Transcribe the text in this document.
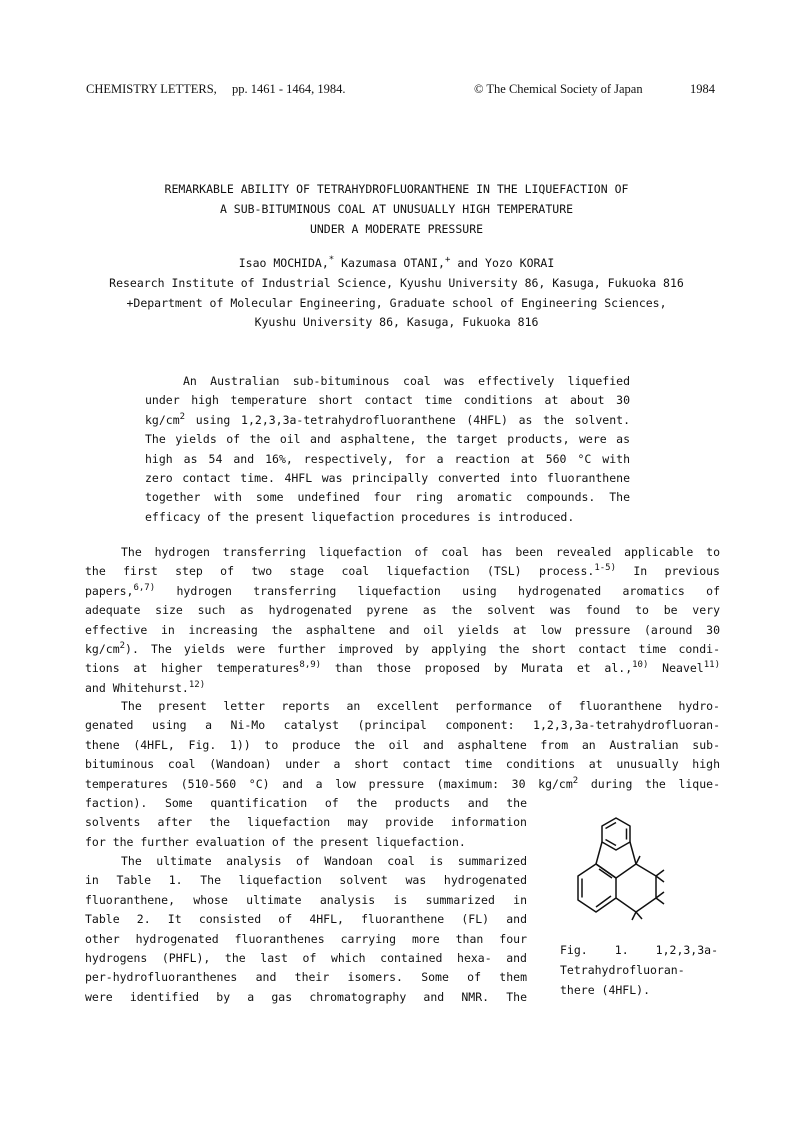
CHEMISTRY LETTERS, pp. 1461 - 1464, 1984.	© The Chemical Society of Japan	1984
REMARKABLE ABILITY OF TETRAHYDROFLUORANTHENE IN THE LIQUEFACTION OF
A SUB-BITUMINOUS COAL AT UNUSUALLY HIGH TEMPERATURE
UNDER A MODERATE PRESSURE
Isao MOCHIDA,* Kazumasa OTANI,+ and Yozo KORAI
Research Institute of Industrial Science, Kyushu University 86, Kasuga, Fukuoka 816
+Department of Molecular Engineering, Graduate school of Engineering Sciences,
Kyushu University 86, Kasuga, Fukuoka 816
An Australian sub-bituminous coal was effectively liquefied
under high temperature short contact time conditions at about 30
$kg/cm^2$ using 1,2,3,3a-tetrahydrofluoranthene (4HFL) as the solvent.
The yields of the oil and asphaltene, the target products, were as
high as 54 and 16%, respectively, for a reaction at 560 °C with
zero contact time. 4HFL was principally converted into fluoranthene
together with some undefined four ring aromatic compounds. The
efficacy of the present liquefaction procedures is introduced.
The hydrogen transferring liquefaction of coal has been revealed applicable to
the first step of two stage coal liquefaction (TSL) process.$^{1-5)}$ In previous
papers,$^{6,7)}$ hydrogen transferring liquefaction using hydrogenated aromatics of
adequate size such as hydrogenated pyrene as the solvent was found to be very
effective in increasing the asphaltene and oil yields at low pressure (around 30
$kg/cm^2$). The yields were further improved by applying the short contact time condi-
tions at higher temperatures$^{8,9)}$ than those proposed by Murata et al.,$^{10)}$ Neavel$^{11)}$
and Whitehurst.$^{12)}$
The present letter reports an excellent performance of fluoranthene hydro-
genated using a Ni-Mo catalyst (principal component: 1,2,3,3a-tetrahydrofluoran-
thene (4HFL, Fig. 1)) to produce the oil and asphaltene from an Australian sub-
bituminous coal (Wandoan) under a short contact time conditions at unusually high
temperatures (510-560 °C) and a low pressure (maximum: 30 $kg/cm^2$ during the lique-
faction). Some quantification of the products and the
solvents after the liquefaction may provide information
for the further evaluation of the present liquefaction.
The ultimate analysis of Wandoan coal is summarized
in Table 1. The liquefaction solvent was hydrogenated
fluoranthene, whose ultimate analysis is summarized in
Table 2. It consisted of 4HFL, fluoranthene (FL) and
other hydrogenated fluoranthenes carrying more than four
hydrogens (PHFL), the last of which contained hexa- and
per-hydrofluoranthenes and their isomers. Some of them
were identified by a gas chromatography and NMR. The
Fig. 1. 1,2,3,3a-
Tetrahydrofluoran-
there (4HFL).
